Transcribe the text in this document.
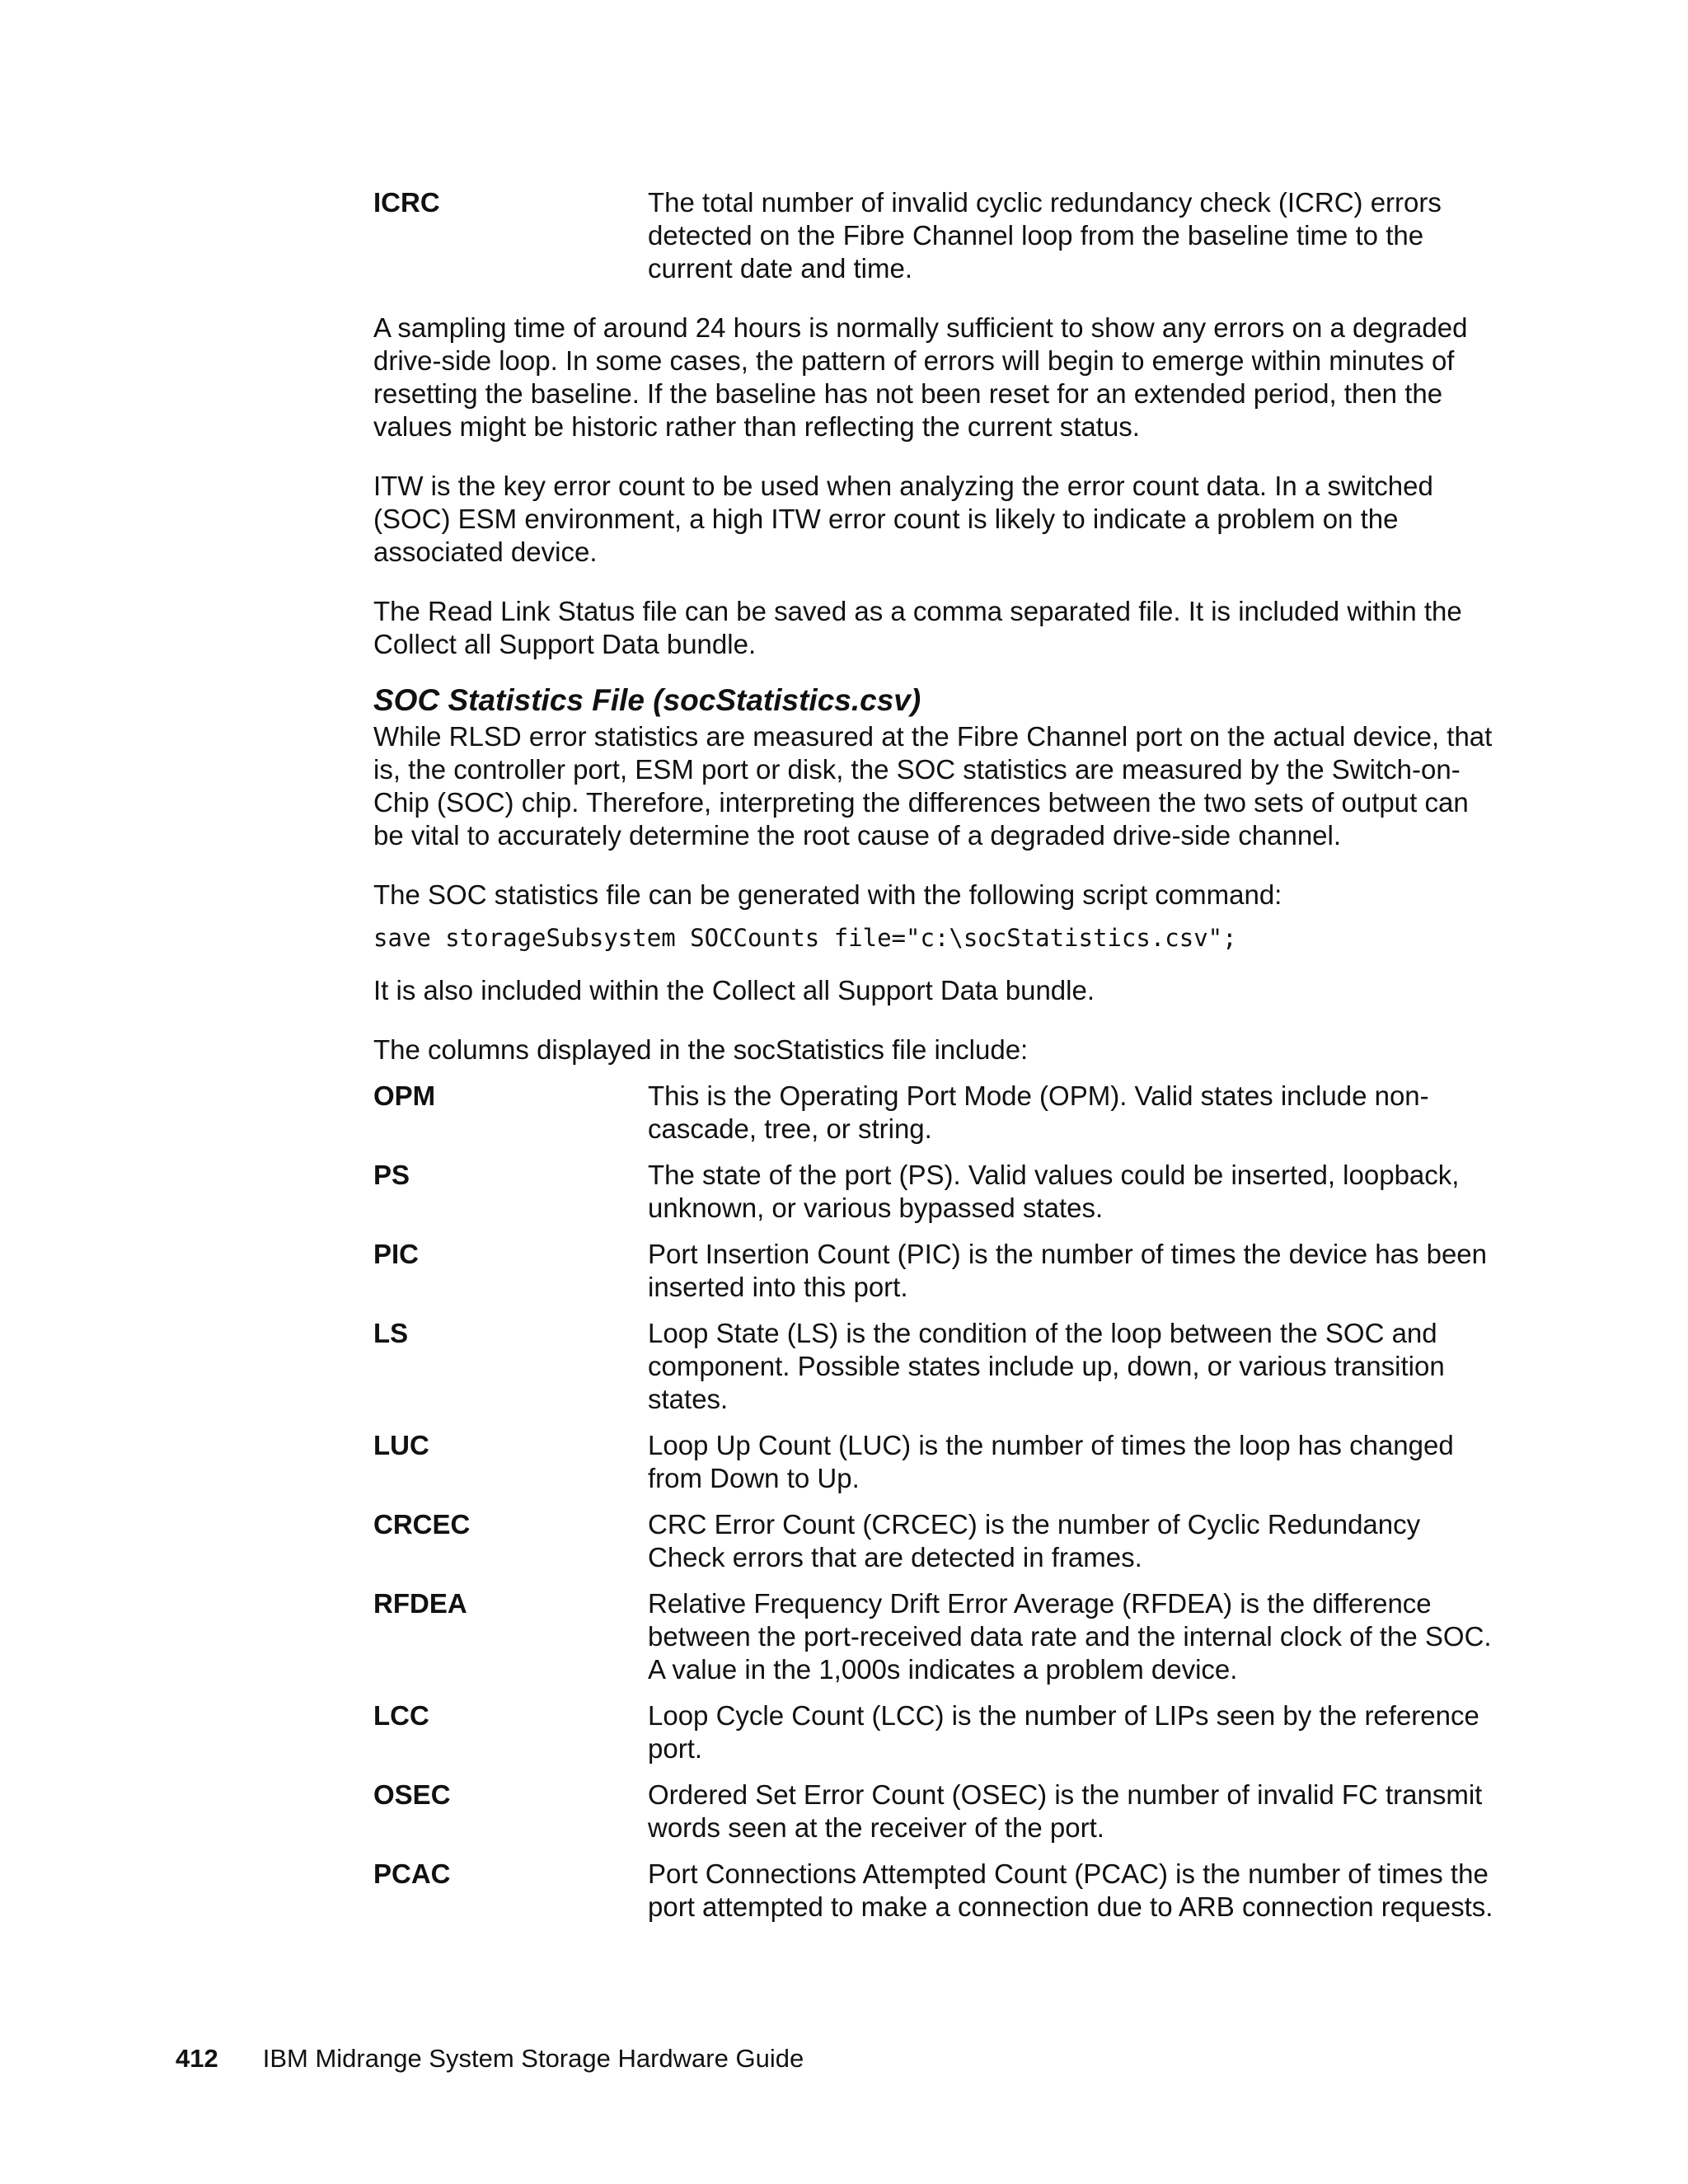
ICRC	The total number of invalid cyclic redundancy check (ICRC) errors detected on the Fibre Channel loop from the baseline time to the current date and time.

A sampling time of around 24 hours is normally sufficient to show any errors on a degraded drive-side loop. In some cases, the pattern of errors will begin to emerge within minutes of resetting the baseline. If the baseline has not been reset for an extended period, then the values might be historic rather than reflecting the current status.

ITW is the key error count to be used when analyzing the error count data. In a switched (SOC) ESM environment, a high ITW error count is likely to indicate a problem on the associated device.

The Read Link Status file can be saved as a comma separated file. It is included within the Collect all Support Data bundle.

SOC Statistics File (socStatistics.csv)

While RLSD error statistics are measured at the Fibre Channel port on the actual device, that is, the controller port, ESM port or disk, the SOC statistics are measured by the Switch-on-Chip (SOC) chip. Therefore, interpreting the differences between the two sets of output can be vital to accurately determine the root cause of a degraded drive-side channel.

The SOC statistics file can be generated with the following script command:

save storageSubsystem SOCCounts file="c:\socStatistics.csv";

It is also included within the Collect all Support Data bundle.

The columns displayed in the socStatistics file include:

OPM	This is the Operating Port Mode (OPM). Valid states include non-cascade, tree, or string.
PS	The state of the port (PS). Valid values could be inserted, loopback, unknown, or various bypassed states.
PIC	Port Insertion Count (PIC) is the number of times the device has been inserted into this port.
LS	Loop State (LS) is the condition of the loop between the SOC and component. Possible states include up, down, or various transition states.
LUC	Loop Up Count (LUC) is the number of times the loop has changed from Down to Up.
CRCEC	CRC Error Count (CRCEC) is the number of Cyclic Redundancy Check errors that are detected in frames.
RFDEA	Relative Frequency Drift Error Average (RFDEA) is the difference between the port-received data rate and the internal clock of the SOC. A value in the 1,000s indicates a problem device.
LCC	Loop Cycle Count (LCC) is the number of LIPs seen by the reference port.
OSEC	Ordered Set Error Count (OSEC) is the number of invalid FC transmit words seen at the receiver of the port.
PCAC	Port Connections Attempted Count (PCAC) is the number of times the port attempted to make a connection due to ARB connection requests.
412 IBM Midrange System Storage Hardware Guide
